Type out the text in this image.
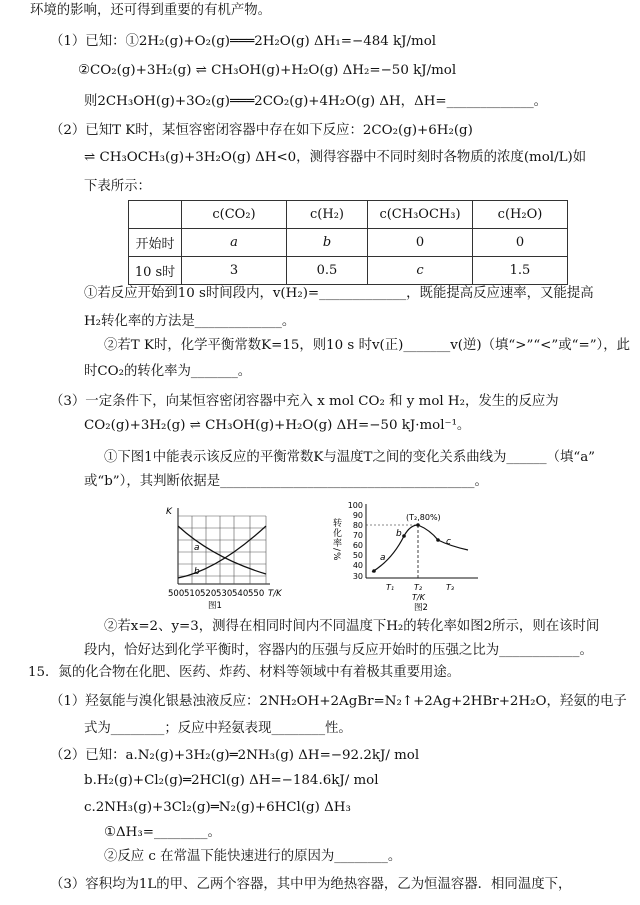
环境的影响，还可得到重要的有机产物。
（1）已知：①2H₂(g)+O₂(g)═══2H₂O(g) ΔH₁=−484 kJ/mol
②CO₂(g)+3H₂(g) ⇌ CH₃OH(g)+H₂O(g) ΔH₂=−50 kJ/mol
则2CH₃OH(g)+3O₂(g)═══2CO₂(g)+4H₂O(g) ΔH，ΔH=_____________。
（2）已知T K时，某恒容密闭容器中存在如下反应：2CO₂(g)+6H₂(g)
⇌ CH₃OCH₃(g)+3H₂O(g) ΔH<0，测得容器中不同时刻时各物质的浓度(mol/L)如
下表所示：
①若反应开始到10 s时间段内，v(H₂)=_____________，既能提高反应速率，又能提高
H₂转化率的方法是_____________。
②若T K时，化学平衡常数K=15，则10 s 时v(正)_______v(逆)（填“>”“<”或“=”），此
时CO₂的转化率为_______。
（3）一定条件下，向某恒容密闭容器中充入 x mol CO₂ 和 y mol H₂，发生的反应为
CO₂(g)+3H₂(g) ⇌ CH₃OH(g)+H₂O(g) ΔH=−50 kJ·mol⁻¹。
①下图1中能表示该反应的平衡常数K与温度T之间的变化关系曲线为______（填“a”
或“b”），其判断依据是______________________________________。
②若x=2、y=3，测得在相同时间内不同温度下H₂的转化率如图2所示，则在该时间
段内，恰好达到化学平衡时，容器内的压强与反应开始时的压强之比为____________。
15．氮的化合物在化肥、医药、炸药、材料等领域中有着极其重要用途。
（1）羟氨能与溴化银悬浊液反应：2NH₂OH+2AgBr=N₂↑+2Ag+2HBr+2H₂O，羟氨的电子
式为________；反应中羟氨表现________性。
（2）已知：a.N₂(g)+3H₂(g)═2NH₃(g) ΔH=−92.2kJ/ mol
b.H₂(g)+Cl₂(g)═2HCl(g) ΔH=−184.6kJ/ mol
c.2NH₃(g)+3Cl₂(g)═N₂(g)+6HCl(g) ΔH₃
①ΔH₃=________。
②反应 c 在常温下能快速进行的原因为________。
（3）容积均为1L的甲、乙两个容器，其中甲为绝热容器，乙为恒温容器．相同温度下，
	c(CO₂)	c(H₂)	c(CH₃OCH₃)	c(H₂O)
开始时	a	b	0	0
10 s时	3	0.5	c	1.5
K
a
b
500 510 520 530 540 550 T/K
图1
转化率/%
100
90
80
70
60
50
40
30
(T₂,80%)
a
b
c
T₁ T₂	T₃
T/K
图2
